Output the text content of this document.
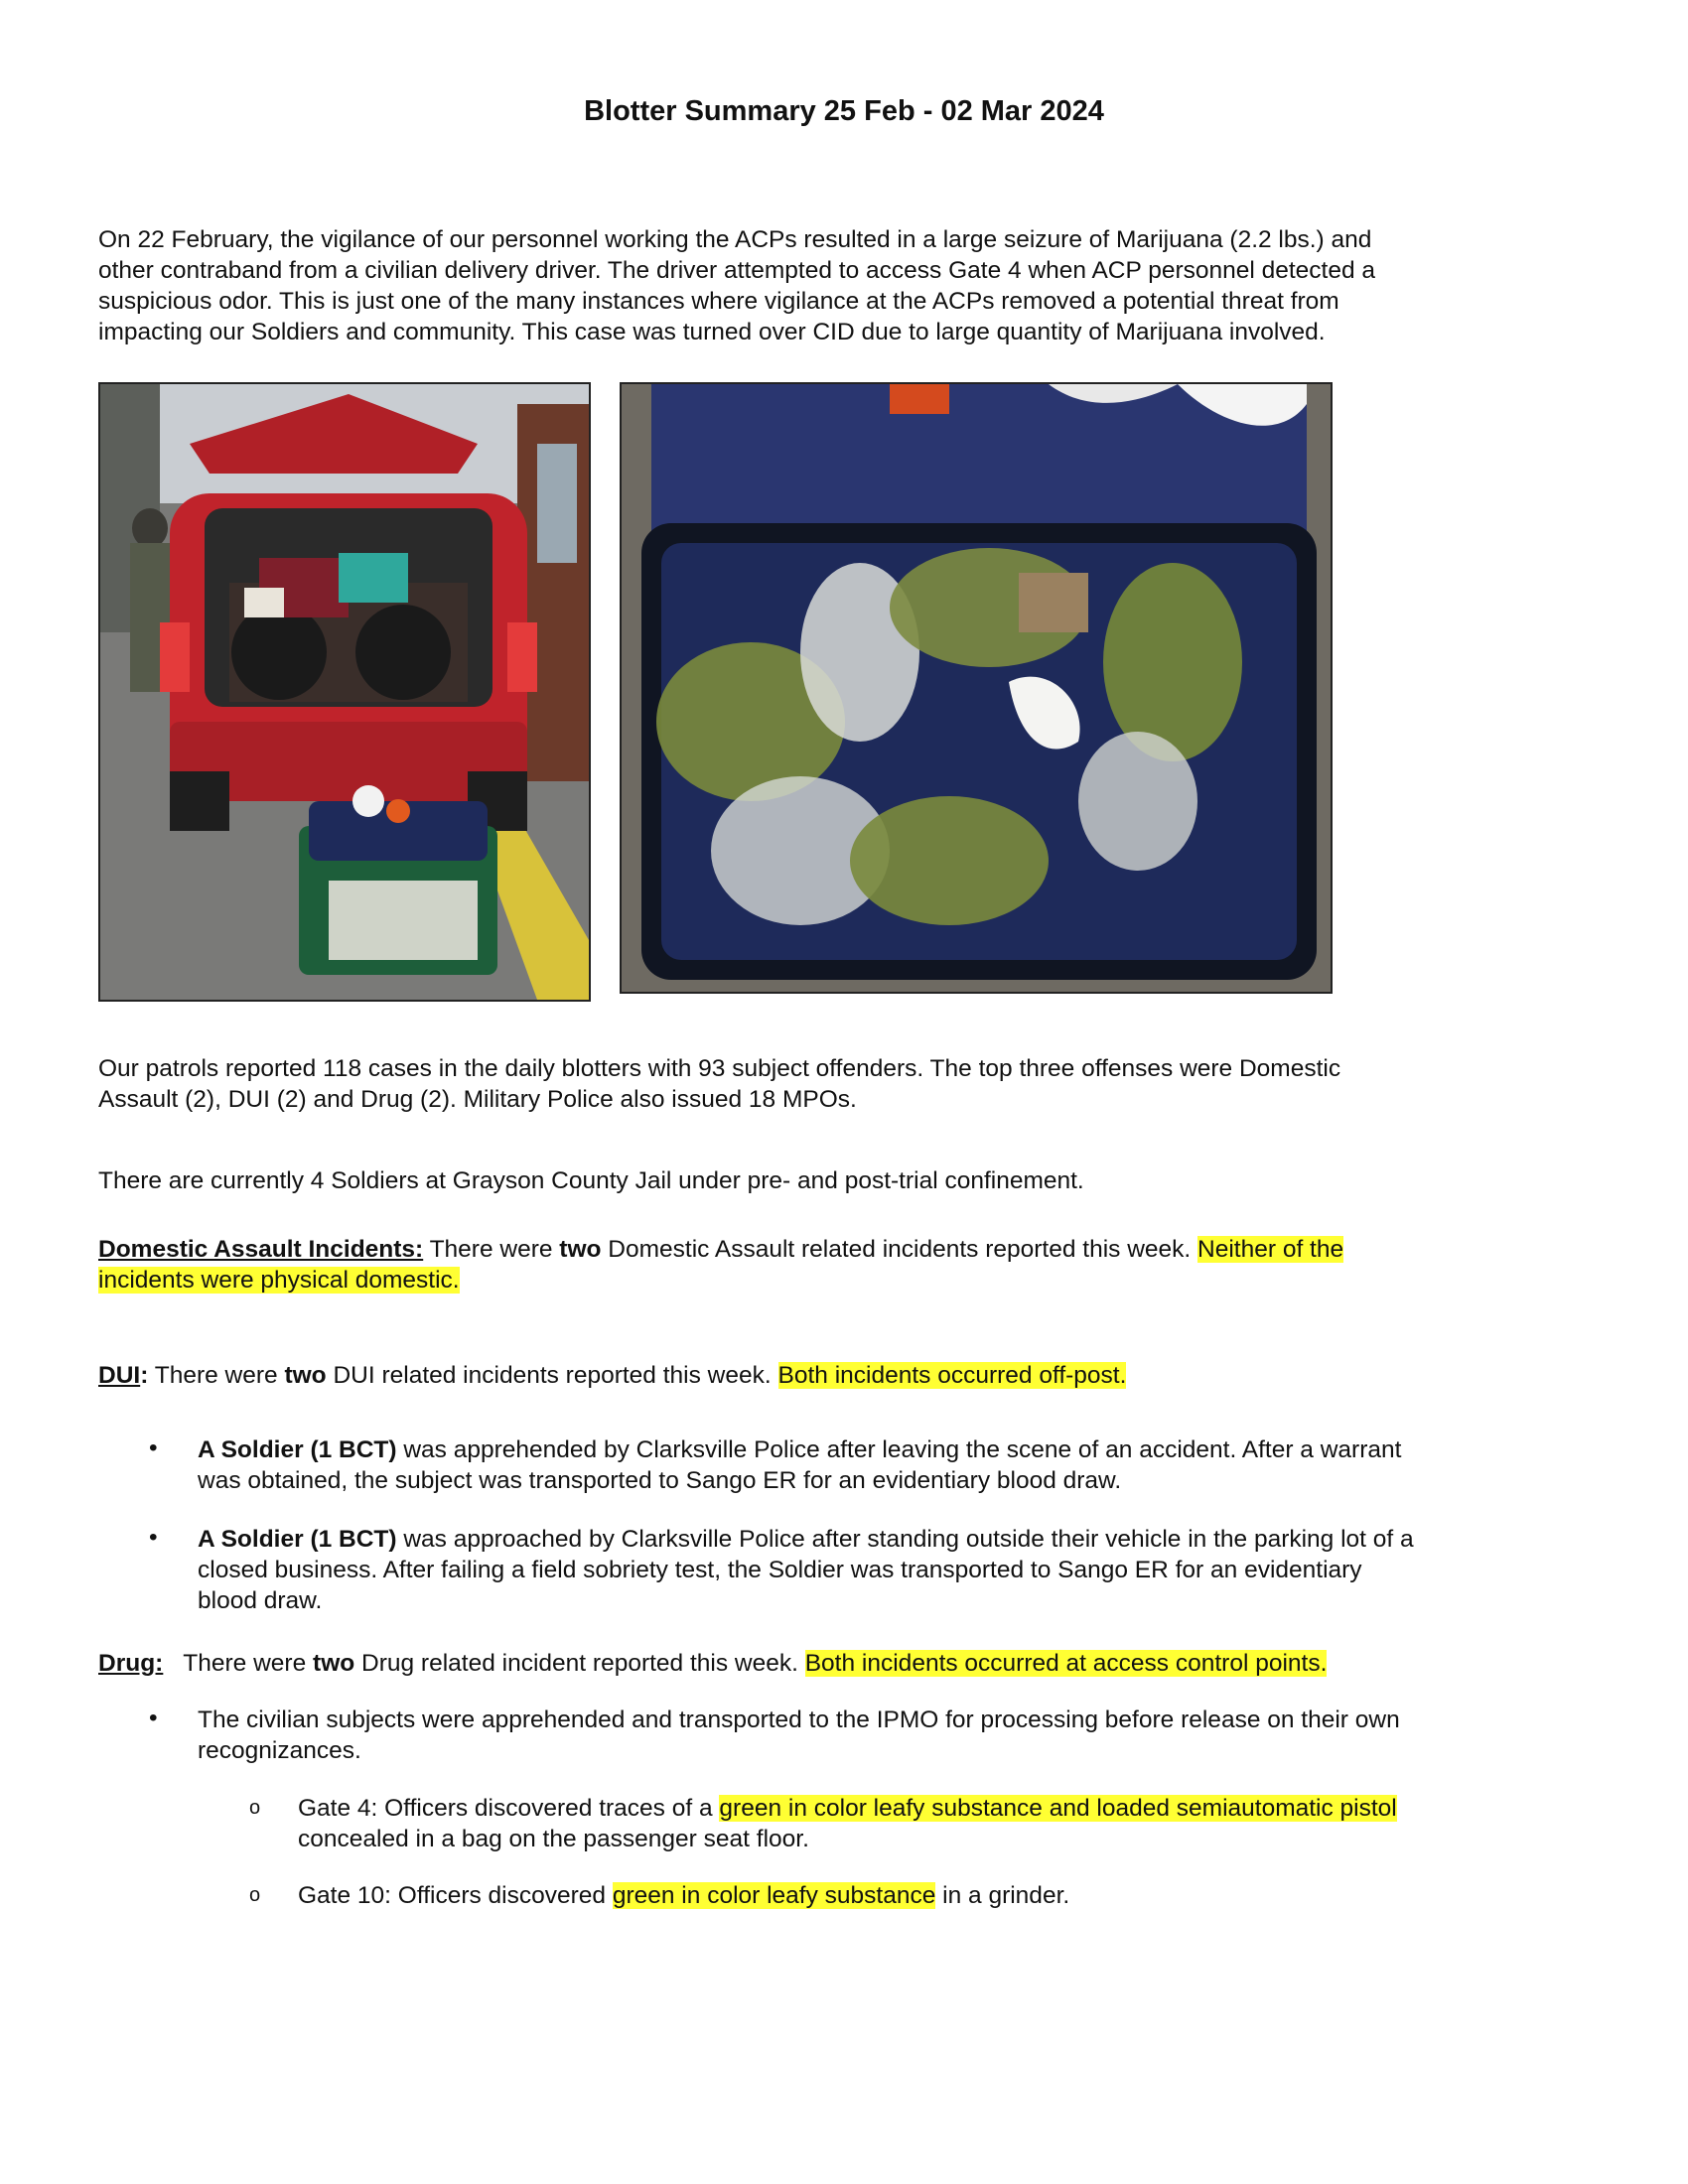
Blotter Summary 25 Feb - 02 Mar 2024
On 22 February, the vigilance of our personnel working the ACPs resulted in a large seizure of Marijuana (2.2 lbs.) and
other contraband from a civilian delivery driver. The driver attempted to access Gate 4 when ACP personnel detected a
suspicious odor. This is just one of the many instances where vigilance at the ACPs removed a potential threat from
impacting our Soldiers and community. This case was turned over CID due to large quantity of Marijuana involved.
Our patrols reported 118 cases in the daily blotters with 93 subject offenders. The top three offenses were Domestic
Assault (2), DUI (2) and Drug (2). Military Police also issued 18 MPOs.
There are currently 4 Soldiers at Grayson County Jail under pre- and post-trial confinement.
Domestic Assault Incidents: There were two Domestic Assault related incidents reported this week. Neither of the
incidents were physical domestic.
DUI: There were two DUI related incidents reported this week. Both incidents occurred off-post.
• A Soldier (1 BCT) was apprehended by Clarksville Police after leaving the scene of an accident. After a warrant
was obtained, the subject was transported to Sango ER for an evidentiary blood draw.
• A Soldier (1 BCT) was approached by Clarksville Police after standing outside their vehicle in the parking lot of a
closed business. After failing a field sobriety test, the Soldier was transported to Sango ER for an evidentiary
blood draw.
Drug:   There were two Drug related incident reported this week. Both incidents occurred at access control points.
• The civilian subjects were apprehended and transported to the IPMO for processing before release on their own
recognizances.
o Gate 4: Officers discovered traces of a green in color leafy substance and loaded semiautomatic pistol
concealed in a bag on the passenger seat floor.
o Gate 10: Officers discovered green in color leafy substance in a grinder.
